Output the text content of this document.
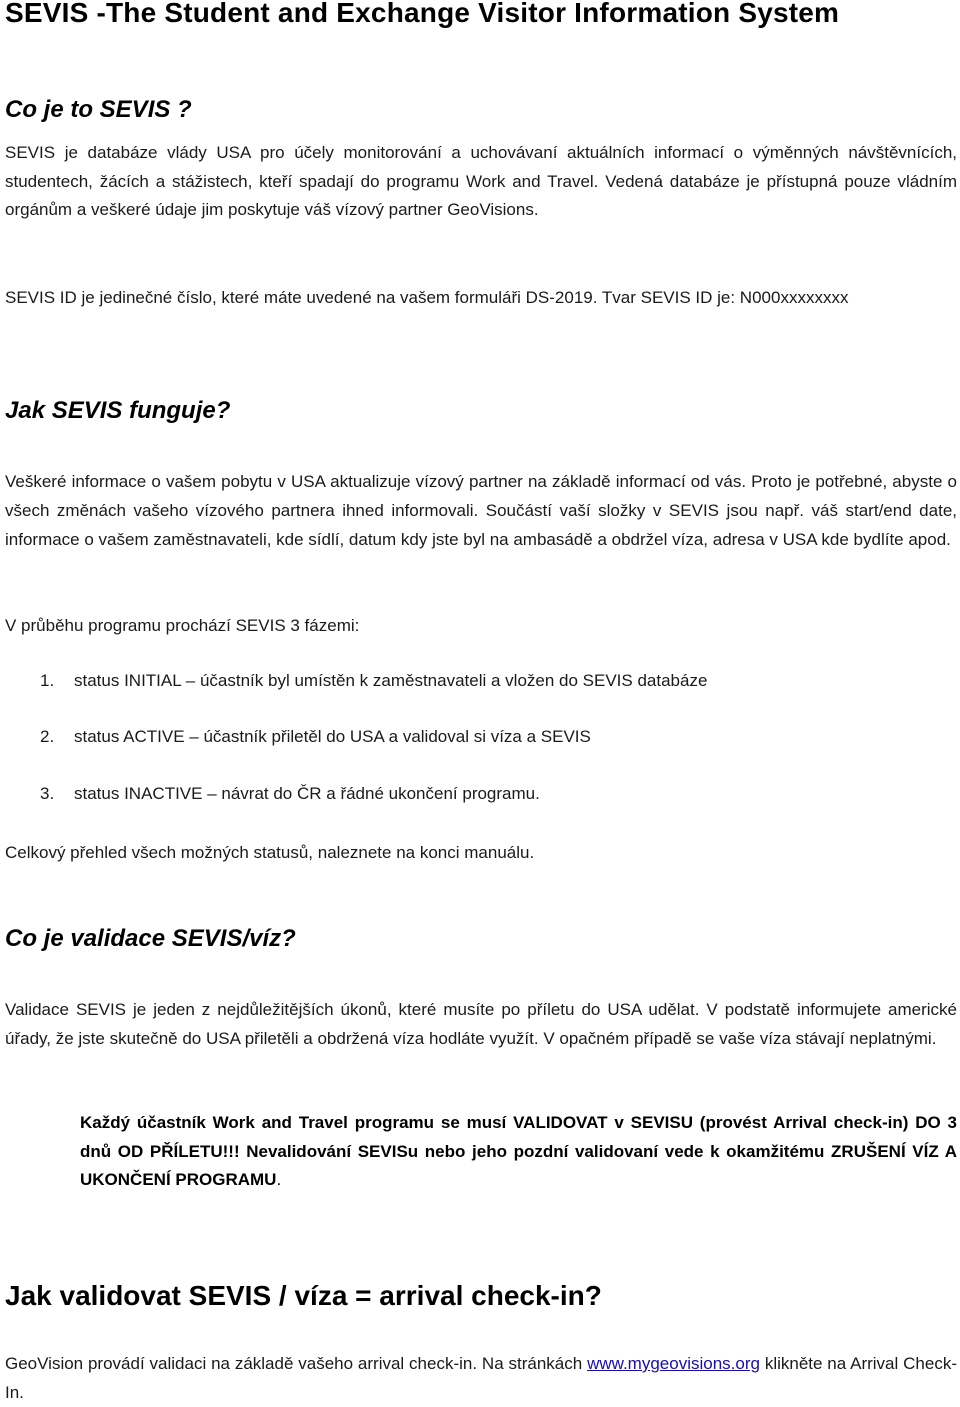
SEVIS -The Student and Exchange Visitor Information System
Co je to SEVIS ?

SEVIS je databáze vlády USA pro účely monitorování a uchovávaní aktuálních informací o výměnných návštěvnících, studentech, žácích a stážistech, kteří spadají do programu Work and Travel. Vedená databáze je přístupná pouze vládním orgánům a veškeré údaje jim poskytuje váš vízový partner GeoVisions.

SEVIS ID je jedinečné číslo, které máte uvedené na vašem formuláři DS-2019. Tvar SEVIS ID je: N000xxxxxxxx

Jak SEVIS funguje?

Veškeré informace o vašem pobytu v USA aktualizuje vízový partner na základě informací od vás. Proto je potřebné, abyste o všech změnách vašeho vízového partnera ihned informovali. Součástí vaší složky v SEVIS jsou např. váš start/end date, informace o vašem zaměstnavateli, kde sídlí, datum kdy jste byl na ambasádě a obdržel víza, adresa v USA kde bydlíte apod.

V průběhu programu prochází SEVIS 3 fázemi:

1. status INITIAL – účastník byl umístěn k zaměstnavateli a vložen do SEVIS databáze
2. status ACTIVE – účastník přiletěl do USA a validoval si víza a SEVIS
3. status INACTIVE – návrat do ČR a řádné ukončení programu.

Celkový přehled všech možných statusů, naleznete na konci manuálu.

Co je validace SEVIS/víz?

Validace SEVIS je jeden z nejdůležitějších úkonů, které musíte po příletu do USA udělat. V podstatě informujete americké úřady, že jste skutečně do USA přiletěli a obdržená víza hodláte využít. V opačném případě se vaše víza stávají neplatnými.

Každý účastník Work and Travel programu se musí VALIDOVAT v SEVISU (provést Arrival check-in) DO 3 dnů OD PŘÍLETU!!! Nevalidování SEVISu nebo jeho pozdní validovaní vede k okamžitému ZRUŠENÍ VÍZ A UKONČENÍ PROGRAMU.

Jak validovat SEVIS / víza = arrival check-in?

GeoVision provádí validaci na základě vašeho arrival check-in. Na stránkách www.mygeovisions.org klikněte na Arrival Check-In.
